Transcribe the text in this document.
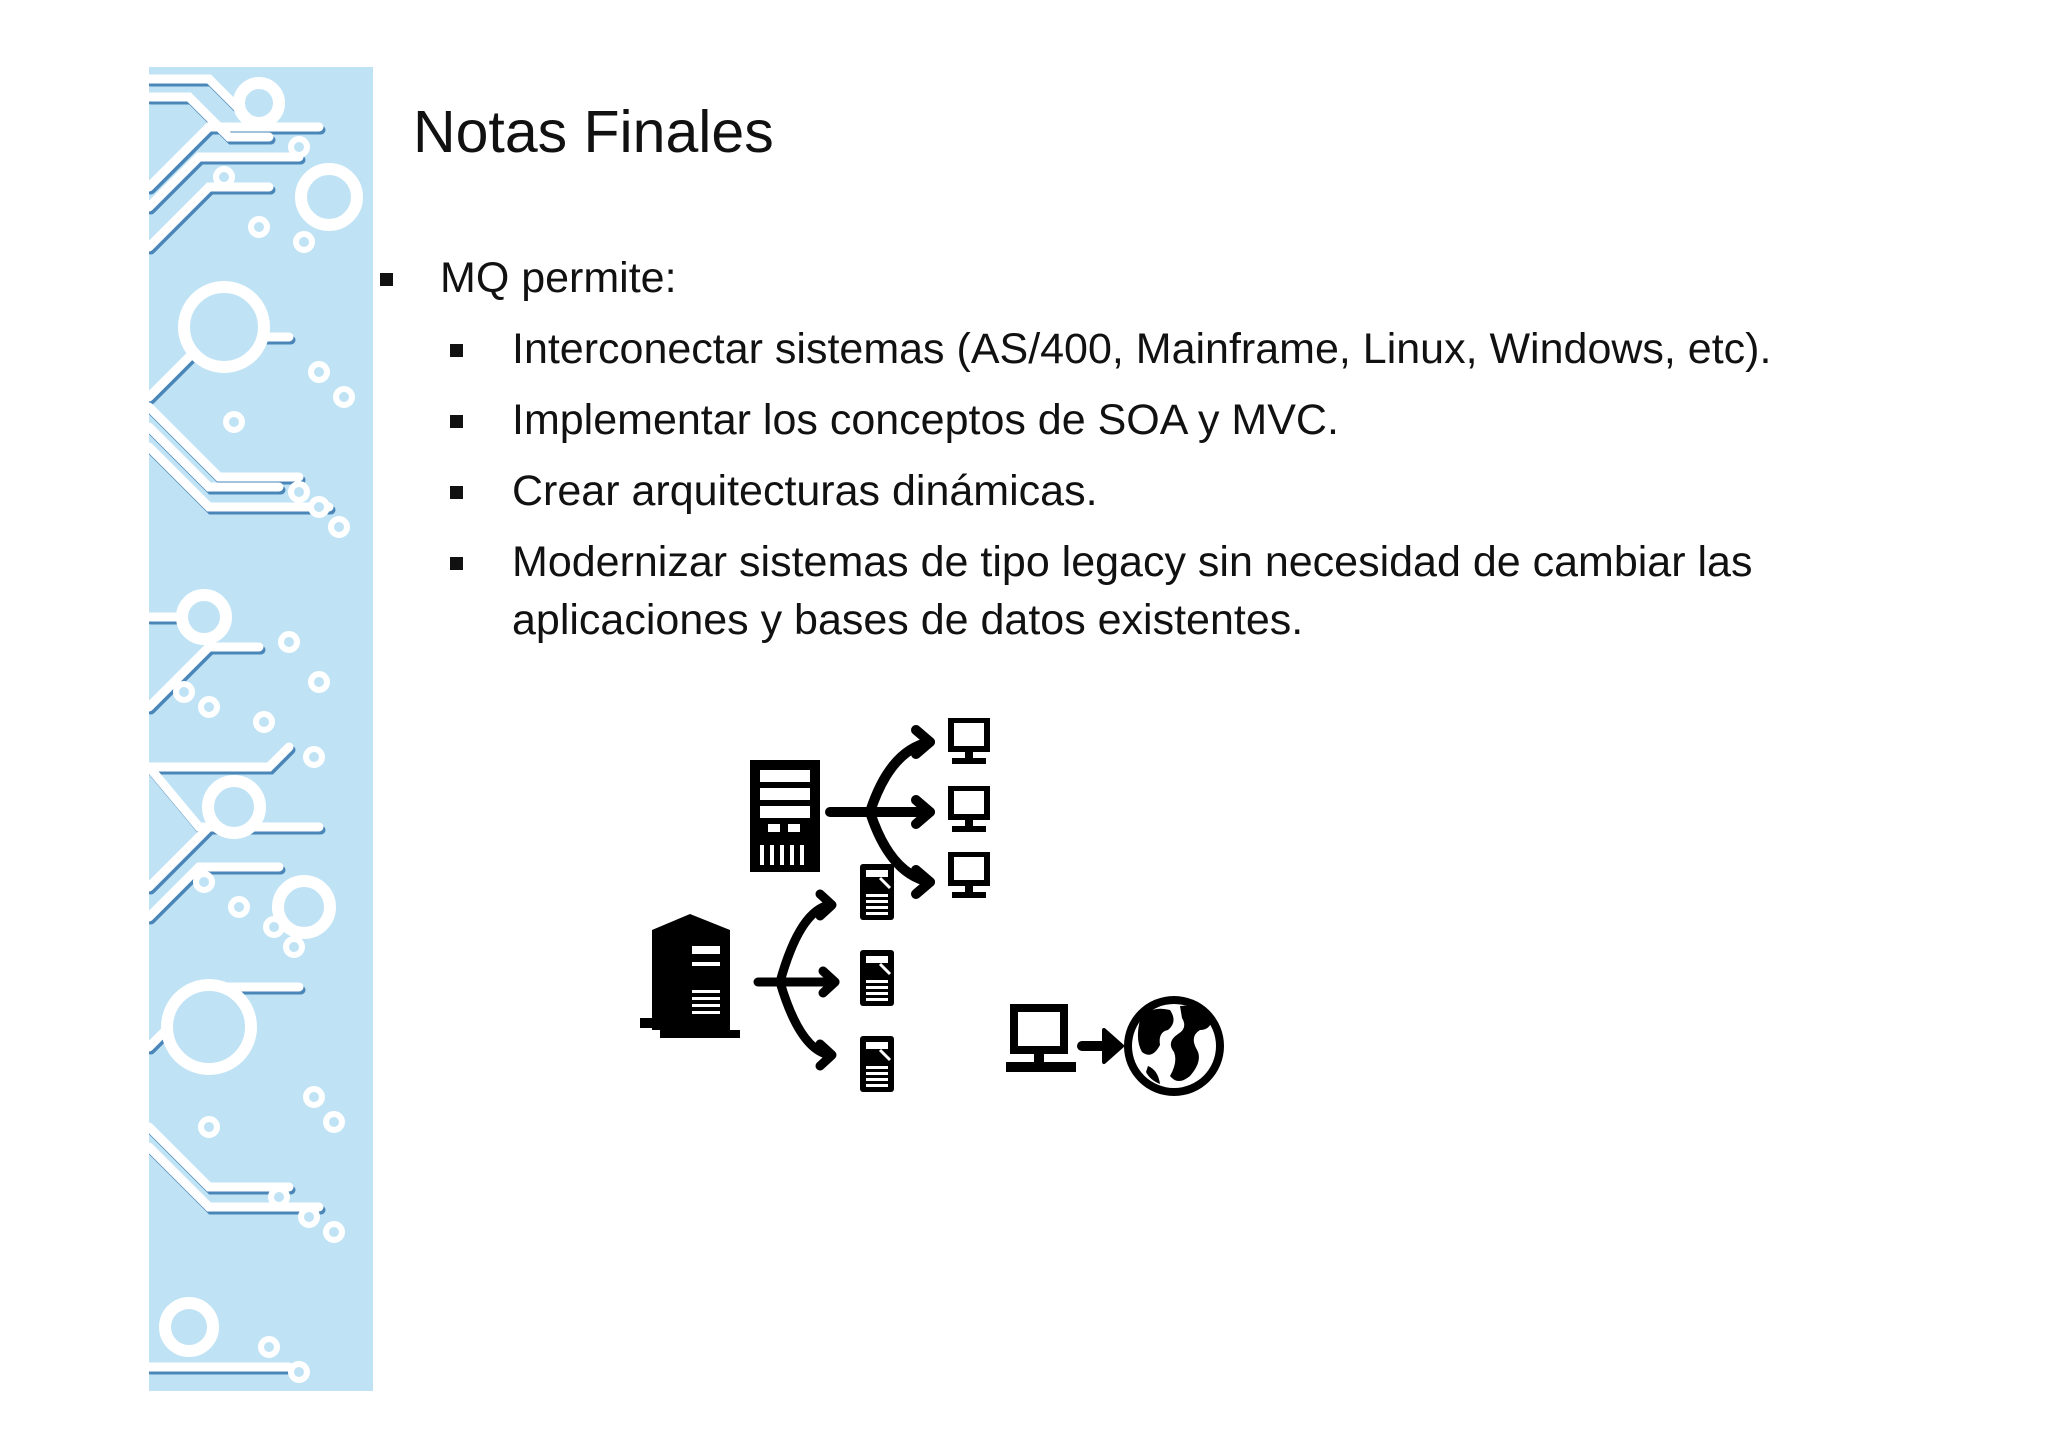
Notas Finales
MQ permite:
Interconectar sistemas (AS/400, Mainframe, Linux, Windows, etc).
Implementar los conceptos de SOA y MVC.
Crear arquitecturas dinámicas.
Modernizar sistemas de tipo legacy sin necesidad de cambiar las
aplicaciones y bases de datos existentes.
